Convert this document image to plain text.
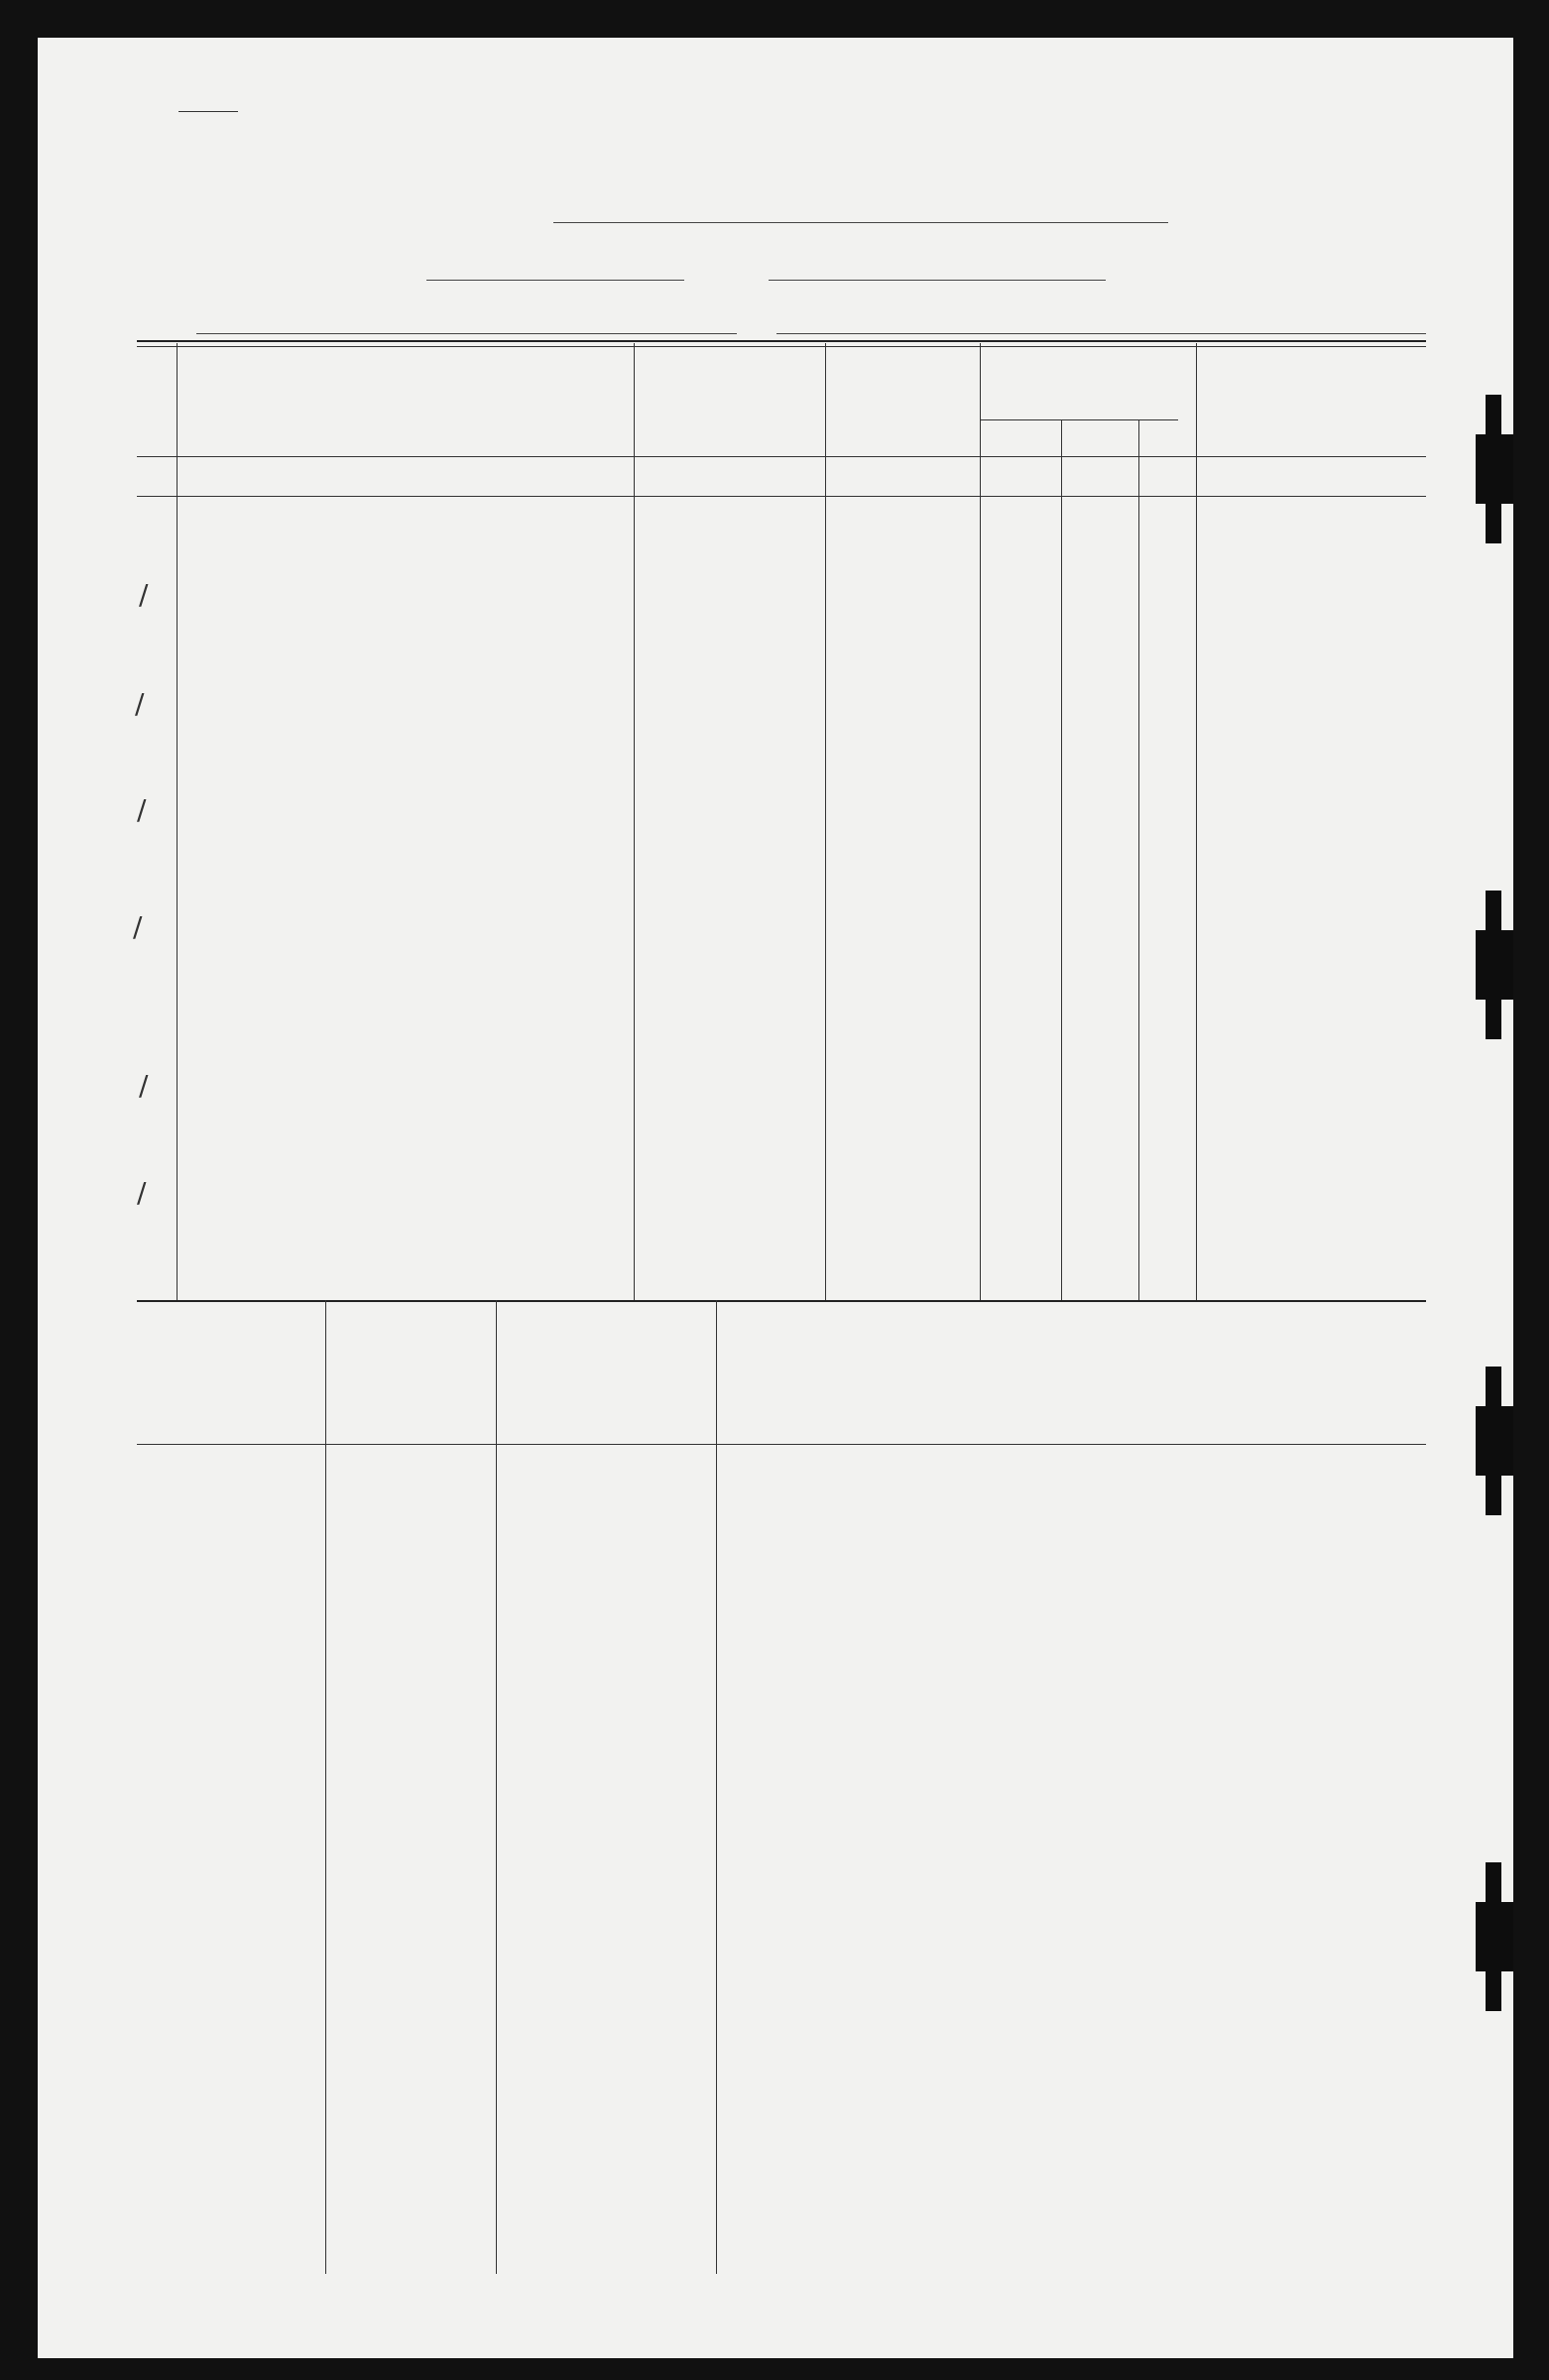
/
/
/
/
/
/
